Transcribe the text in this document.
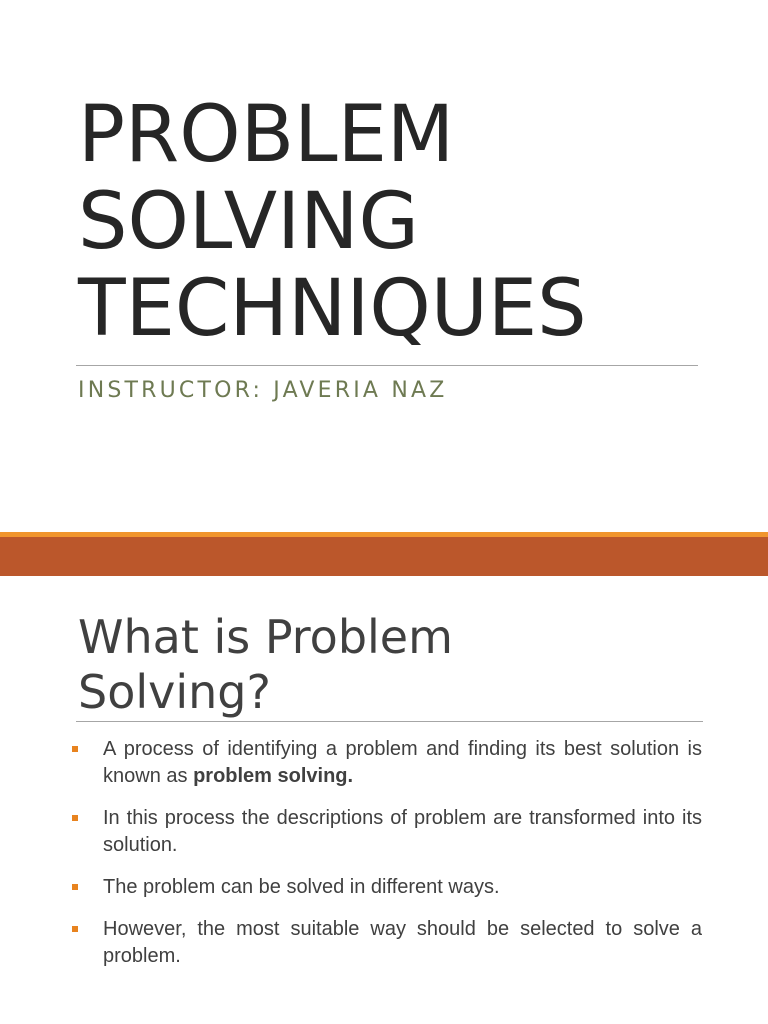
PROBLEM
SOLVING
TECHNIQUES

INSTRUCTOR: JAVERIA NAZ

What is Problem
Solving?
A process of identifying a problem and finding its best solution is known as problem solving.
In this process the descriptions of problem are transformed into its solution.
The problem can be solved in different ways.
However, the most suitable way should be selected to solve a problem.
